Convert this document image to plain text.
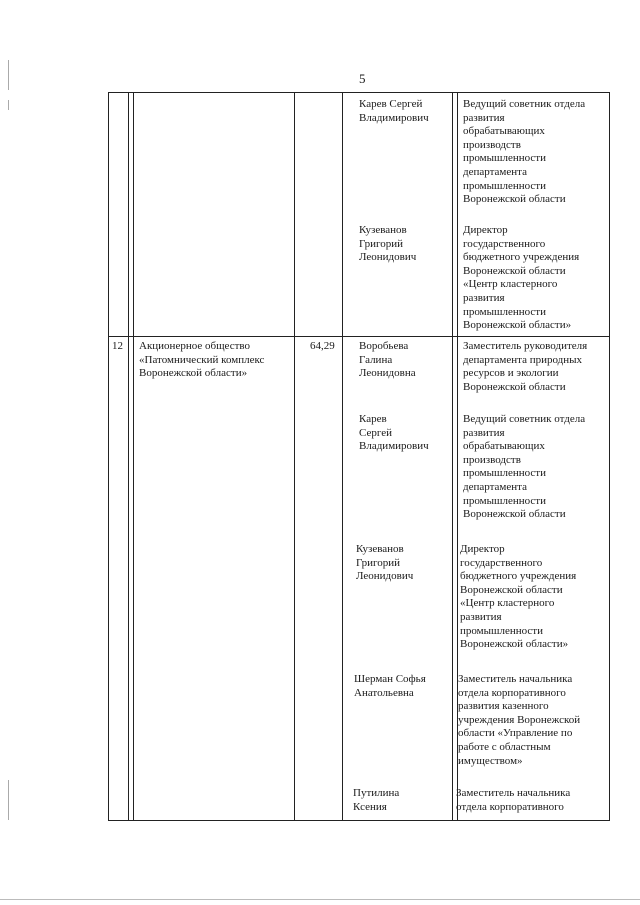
5

Карев Сергей

Владимирович

Ведущий советник отдела

развития

обрабатывающих

производств

промышленности

департамента

промышленности

Воронежской области

Кузеванов

Григорий

Леонидович

Директор

государственного

бюджетного учреждения

Воронежской области

«Центр кластерного

развития

промышленности

Воронежской области»

12 Акционерное общество

«Патомнический комплекс

Воронежской области»

64,29 Воробьева

Галина

Леонидовна

Заместитель руководителя

департамента природных

ресурсов и экологии

Воронежской области

Карев

Сергей

Владимирович

Ведущий советник отдела

развития

обрабатывающих

производств

промышленности

департамента

промышленности

Воронежской области

Кузеванов

Григорий

Леонидович

Директор

государственного

бюджетного учреждения

Воронежской области

«Центр кластерного

развития

промышленности

Воронежской области»

Шерман Софья

Анатольевна

Заместитель начальника

отдела корпоративного

развития казенного

учреждения Воронежской

области «Управление по

работе с областным

имуществом»

Путилина

Ксения

Заместитель начальника

отдела корпоративного
